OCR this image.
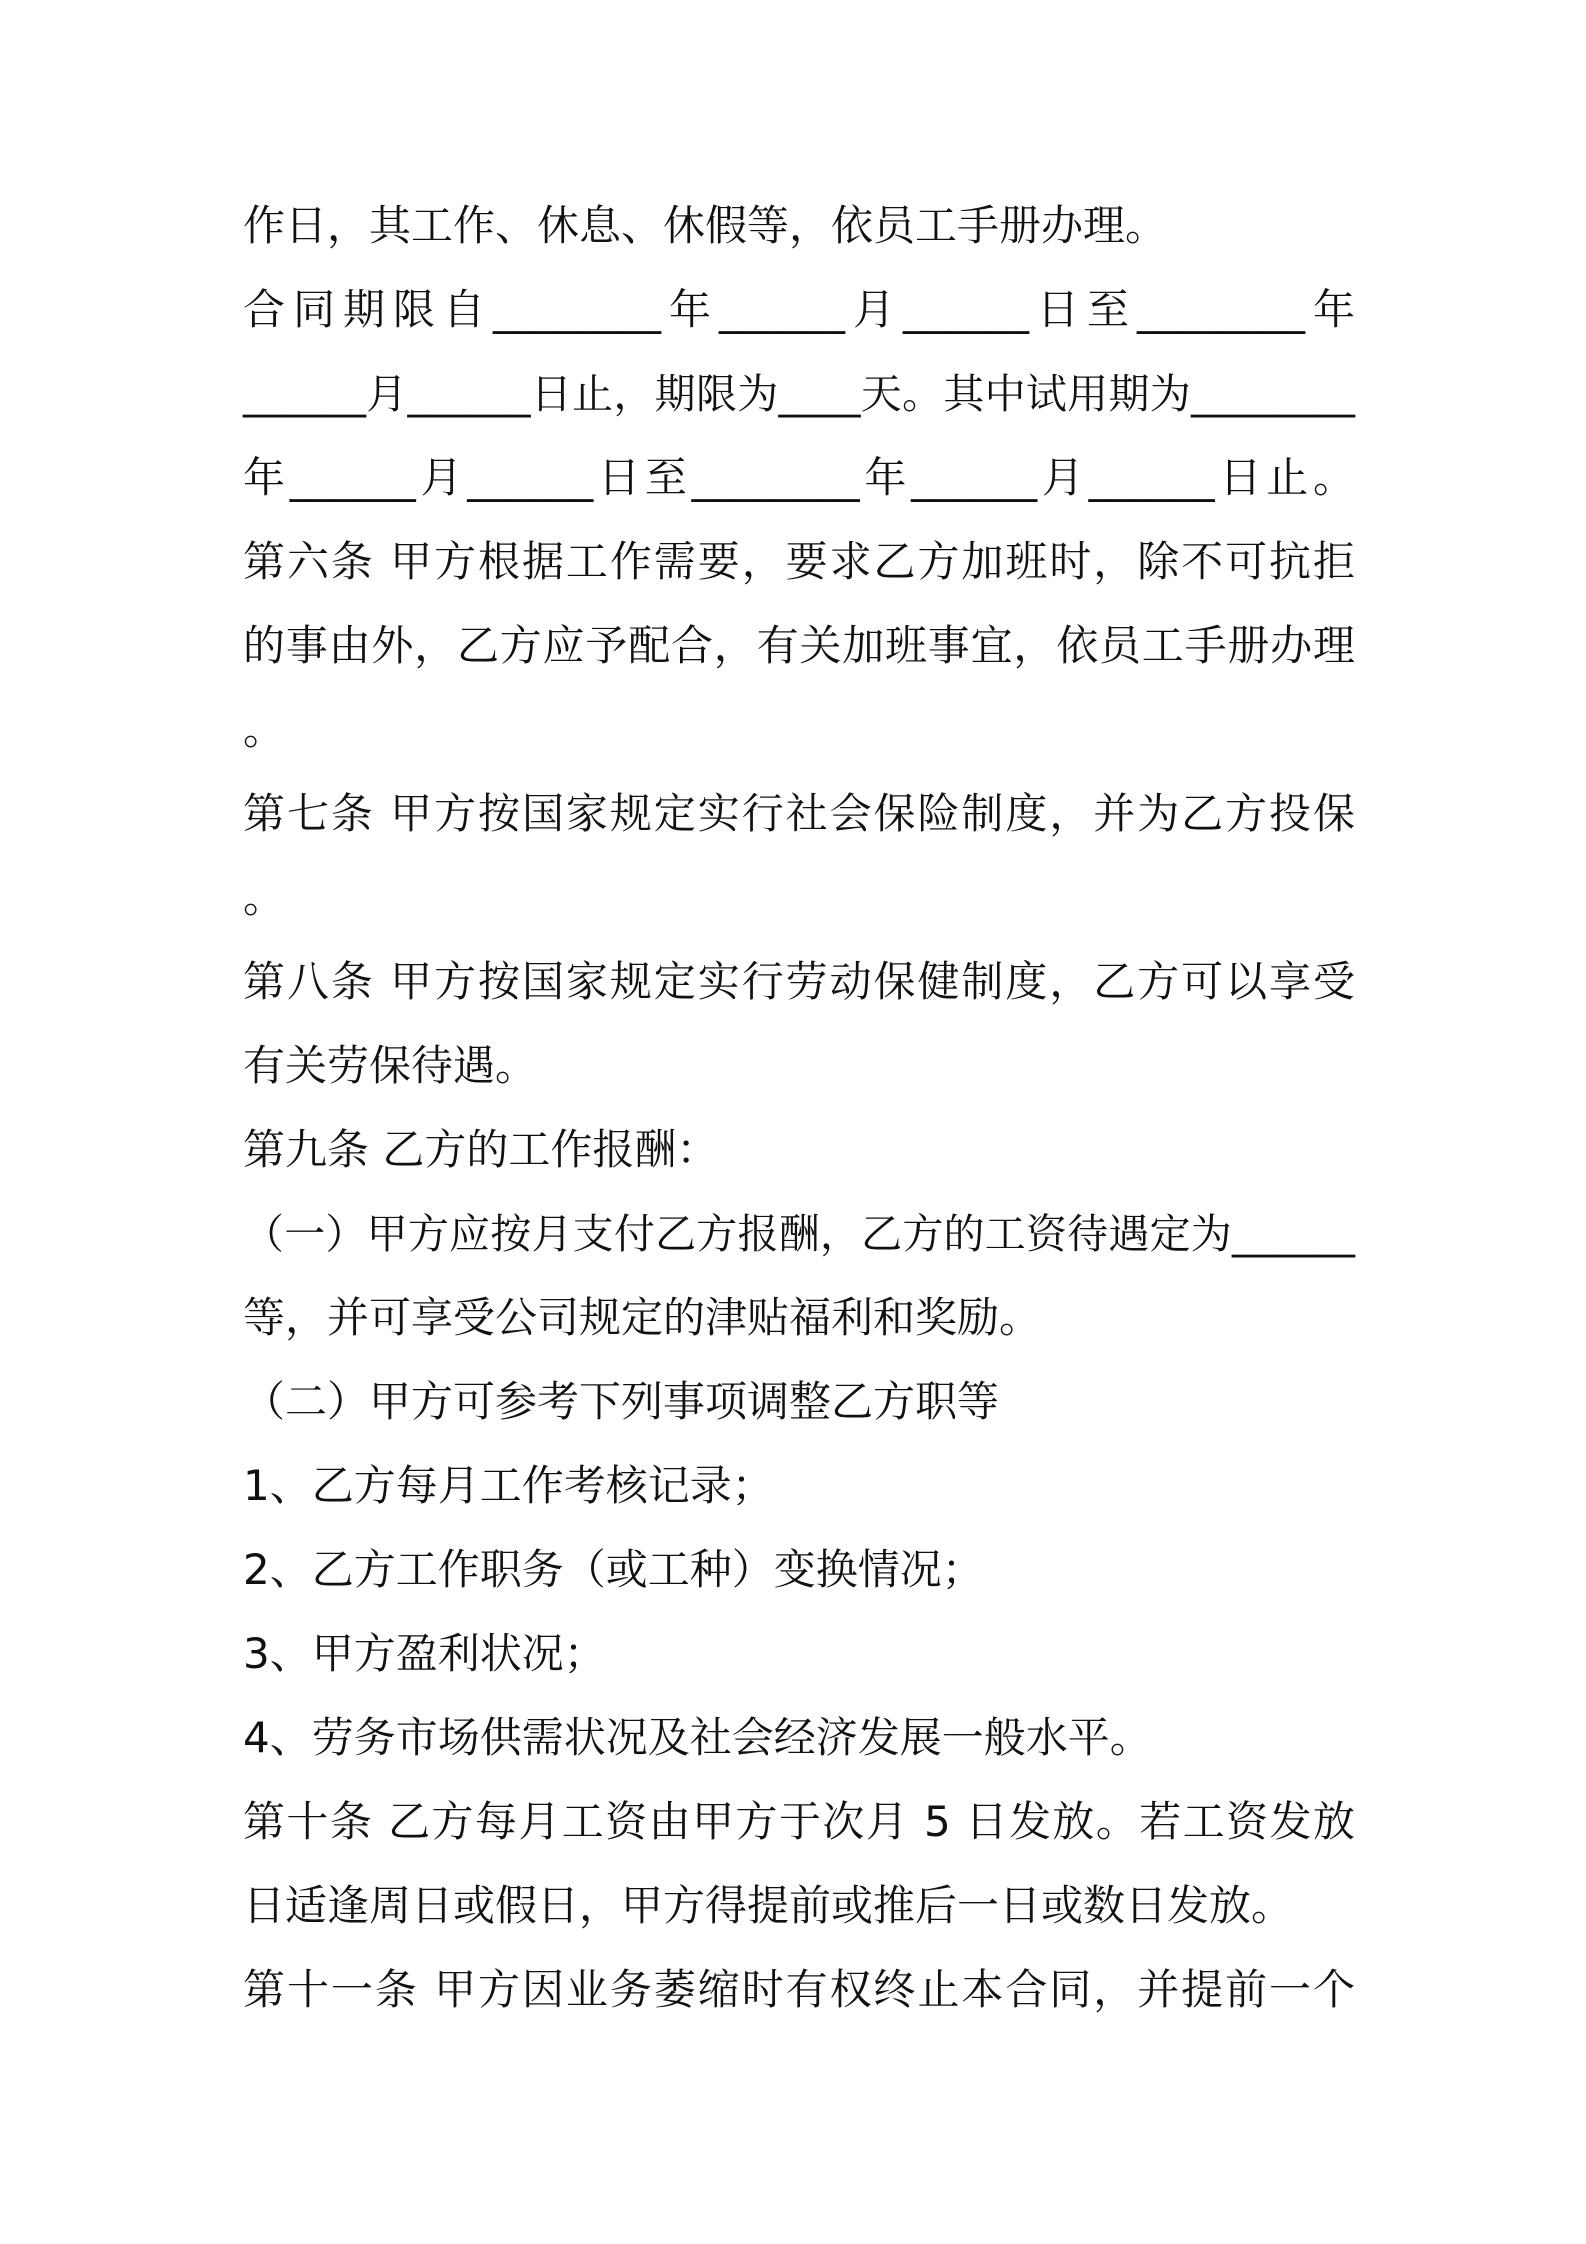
作日，其工作、休息、休假等，依员工手册办理。
合同期限自________年______月______日至________年
______月______日止，期限为____天。其中试用期为________
年______月______日至________年______月______日止。
第六条 甲方根据工作需要，要求乙方加班时，除不可抗拒
的事由外，乙方应予配合，有关加班事宜，依员工手册办理
。
第七条 甲方按国家规定实行社会保险制度，并为乙方投保
。
第八条 甲方按国家规定实行劳动保健制度，乙方可以享受
有关劳保待遇。
第九条 乙方的工作报酬：
（一）甲方应按月支付乙方报酬，乙方的工资待遇定为______
等，并可享受公司规定的津贴福利和奖励。
（二）甲方可参考下列事项调整乙方职等
1、乙方每月工作考核记录；
2、乙方工作职务（或工种）变换情况；
3、甲方盈利状况；
4、劳务市场供需状况及社会经济发展一般水平。
第十条 乙方每月工资由甲方于次月 5 日发放。若工资发放
日适逢周日或假日，甲方得提前或推后一日或数日发放。
第十一条 甲方因业务萎缩时有权终止本合同，并提前一个
